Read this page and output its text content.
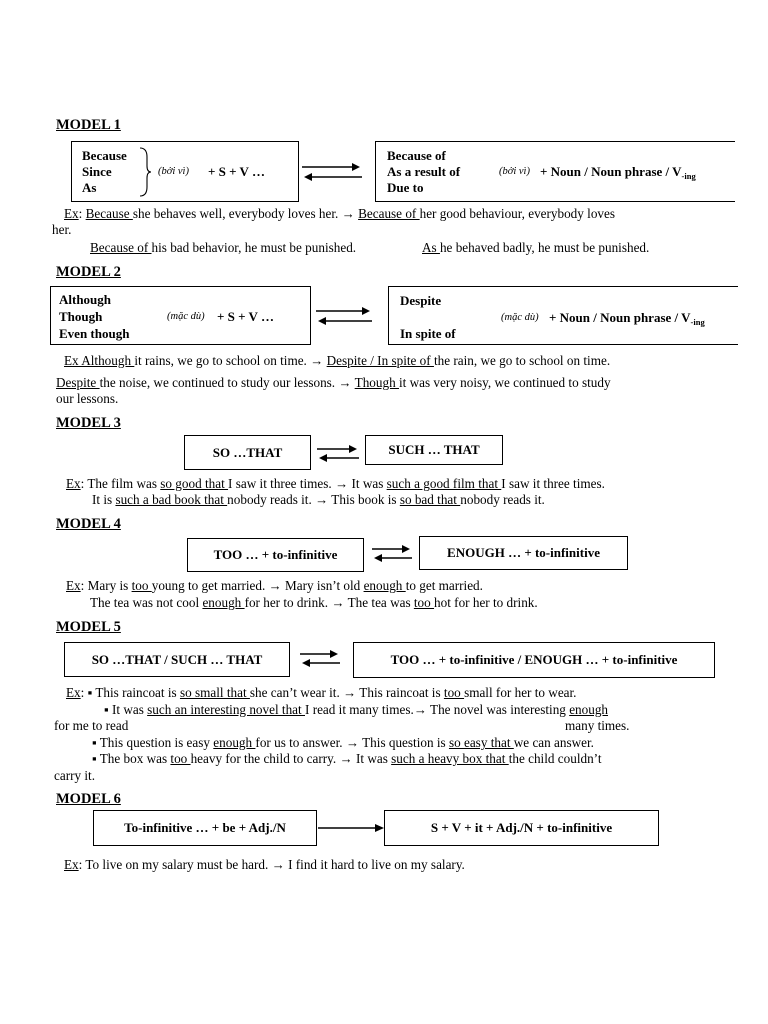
MODEL 1
Because
Since
As
(bởi vì) + S + V …
Because of
As a result of
Due to
(bởi vì) + Noun / Noun phrase / $V_{-ing}$
Ex: Because she behaves well, everybody loves her. → Because of her good behaviour, everybody loves
her.
Because of his bad behavior, he must be punished.	As he behaved badly, he must be punished.
MODEL 2
Although
Though
Even though
(mặc dù) + S + V …
Despite
In spite of
(mặc dù) + Noun / Noun phrase / $V_{-ing}$
Ex Although it rains, we go to school on time. → Despite / In spite of the rain, we go to school on time.
Despite the noise, we continued to study our lessons. → Though it was very noisy, we continued to study
our lessons.
MODEL 3
SO …THAT	SUCH … THAT
Ex: The film was so good that I saw it three times. → It was such a good film that I saw it three times.
It is such a bad book that nobody reads it. → This book is so bad that nobody reads it.
MODEL 4
TOO … + to-infinitive	ENOUGH … + to-infinitive
Ex: Mary is too young to get married. → Mary isn’t old enough to get married.
The tea was not cool enough for her to drink. → The tea was too hot for her to drink.
MODEL 5
SO …THAT / SUCH … THAT	TOO … + to-infinitive / ENOUGH … + to-infinitive
Ex: ▪ This raincoat is so small that she can’t wear it. → This raincoat is too small for her to wear.
▪ It was such an interesting novel that I read it many times.→ The novel was interesting enough
for me to read	many times.
▪ This question is easy enough for us to answer. → This question is so easy that we can answer.
▪ The box was too heavy for the child to carry. → It was such a heavy box that the child couldn’t
carry it.
MODEL 6
To-infinitive … + be + Adj./N	S + V + it + Adj./N + to-infinitive
Ex: To live on my salary must be hard. → I find it hard to live on my salary.
